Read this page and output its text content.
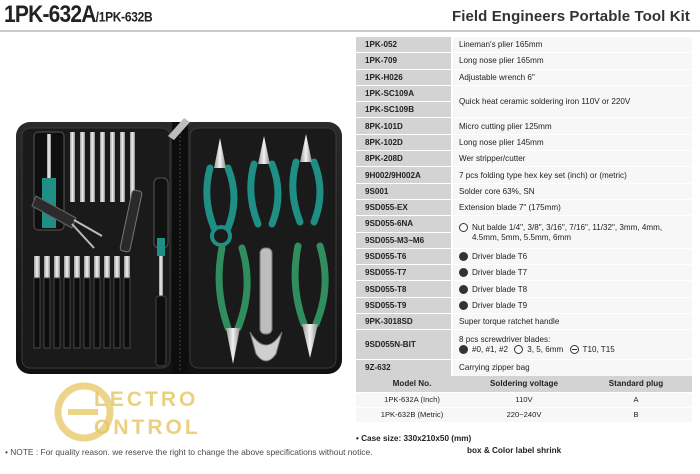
1PK-632A /1PK-632B	Field Engineers Portable Tool Kit
1PK-052	Lineman's plier 165mm
1PK-709	Long nose plier 165mm
1PK-H026	Adjustable wrench 6"
1PK-SC109A	Quick heat ceramic soldering iron 110V or 220V
1PK-SC109B	
8PK-101D	Micro cutting plier 125mm
8PK-102D	Long nose plier 145mm
8PK-208D	Wer stripper/cutter
9H002/9H002A	7 pcs folding type hex key set (inch) or (metric)
9S001	Solder core 63%, SN
9SD055-EX	Extension blade 7" (175mm)
9SD055-6NA	Nut balde 1/4", 3/8", 3/16", 7/16", 11/32", 3mm, 4mm,
4.5mm, 5mm, 5.5mm, 6mm

9SD055-M3~M6	
9SD055-T6	Driver blade T6
9SD055-T7	Driver blade T7
9SD055-T8	Driver blade T8
9SD055-T9	Driver blade T9
9PK-3018SD	Super torque ratchet handle
9SD055N-BIT	8 pcs screwdriver blades:
#0, #1, #2 3, 5, 6mm T10, T15

9Z-632	Carrying zipper bag
Model No.	Soldering voltage	Standard plug
1PK-632A (Inch)	110V	A
1PK-632B (Metric)	220~240V	B
• Case size: 330x210x50 (mm)
box & Color label shrink
LECTRO
ONTROL
• NOTE : For quality reason. we reserve the right to change the above specifications without notice.
